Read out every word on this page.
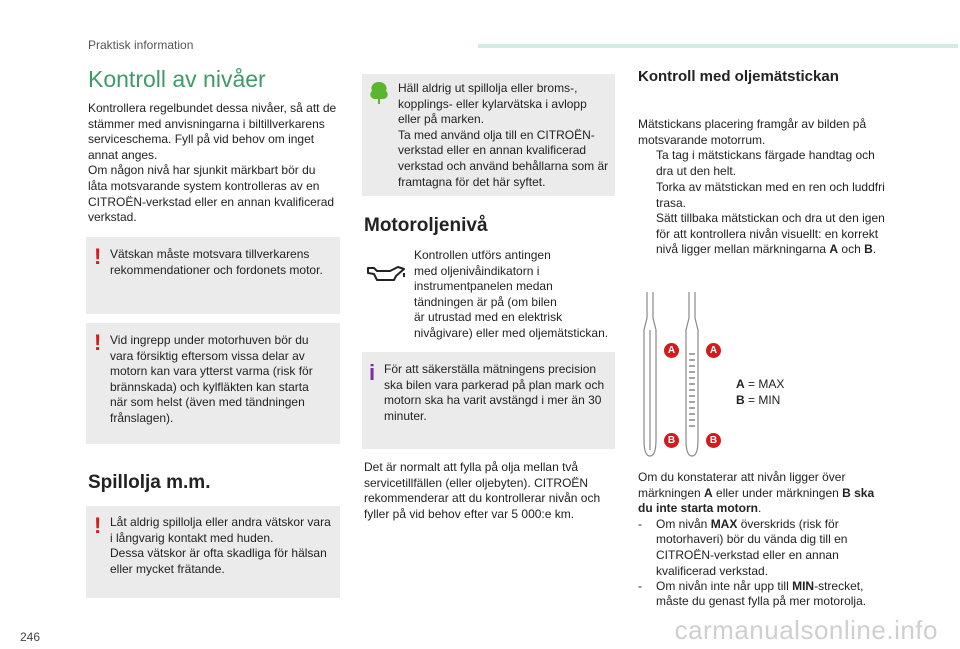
Praktisk information
Kontroll av nivåer
Kontrollera regelbundet dessa nivåer, så att de
stämmer med anvisningarna i biltillverkarens
serviceschema. Fyll på vid behov om inget
annat anges.
Om någon nivå har sjunkit märkbart bör du
låta motsvarande system kontrolleras av en
CITROËN-verkstad eller en annan kvalificerad
verkstad.
! Vätskan måste motsvara tillverkarens
rekommendationer och fordonets motor.
! Vid ingrepp under motorhuven bör du
vara försiktig eftersom vissa delar av
motorn kan vara ytterst varma (risk för
brännskada) och kylfläkten kan starta
när som helst (även med tändningen
frånslagen).
Spillolja m.m.
! Låt aldrig spillolja eller andra vätskor vara
i långvarig kontakt med huden.
Dessa vätskor är ofta skadliga för hälsan
eller mycket frätande.
Häll aldrig ut spillolja eller broms-,
kopplings- eller kylarvätska i avlopp
eller på marken.
Ta med använd olja till en CITROËN-
verkstad eller en annan kvalificerad
verkstad och använd behållarna som är
framtagna för det här syftet.
Motoroljenivå
Kontrollen utförs antingen
med oljenivåindikatorn i
instrumentpanelen medan
tändningen är på (om bilen
är utrustad med en elektrisk
nivågivare) eller med oljemätstickan.
i För att säkerställa mätningens precision
ska bilen vara parkerad på plan mark och
motorn ska ha varit avstängd i mer än 30
minuter.
Det är normalt att fylla på olja mellan två
servicetillfällen (eller oljebyten). CITROËN
rekommenderar att du kontrollerar nivån och
fyller på vid behov efter var 5 000:e km.
Kontroll med oljemätstickan
Mätstickans placering framgår av bilden på
motsvarande motorrum.
Ta tag i mätstickans färgade handtag och
dra ut den helt.
Torka av mätstickan med en ren och luddfri
trasa.
Sätt tillbaka mätstickan och dra ut den igen
för att kontrollera nivån visuellt: en korrekt
nivå ligger mellan märkningarna A och B.
A	A
B	B
A = MAX
B = MIN
Om du konstaterar att nivån ligger över
märkningen A eller under märkningen B ska
du inte starta motorn.
- Om nivån MAX överskrids (risk för
motorhaveri) bör du vända dig till en
CITROËN-verkstad eller en annan
kvalificerad verkstad.
- Om nivån inte når upp till MIN-strecket,
måste du genast fylla på mer motorolja.
246	carmanualsonline.info
